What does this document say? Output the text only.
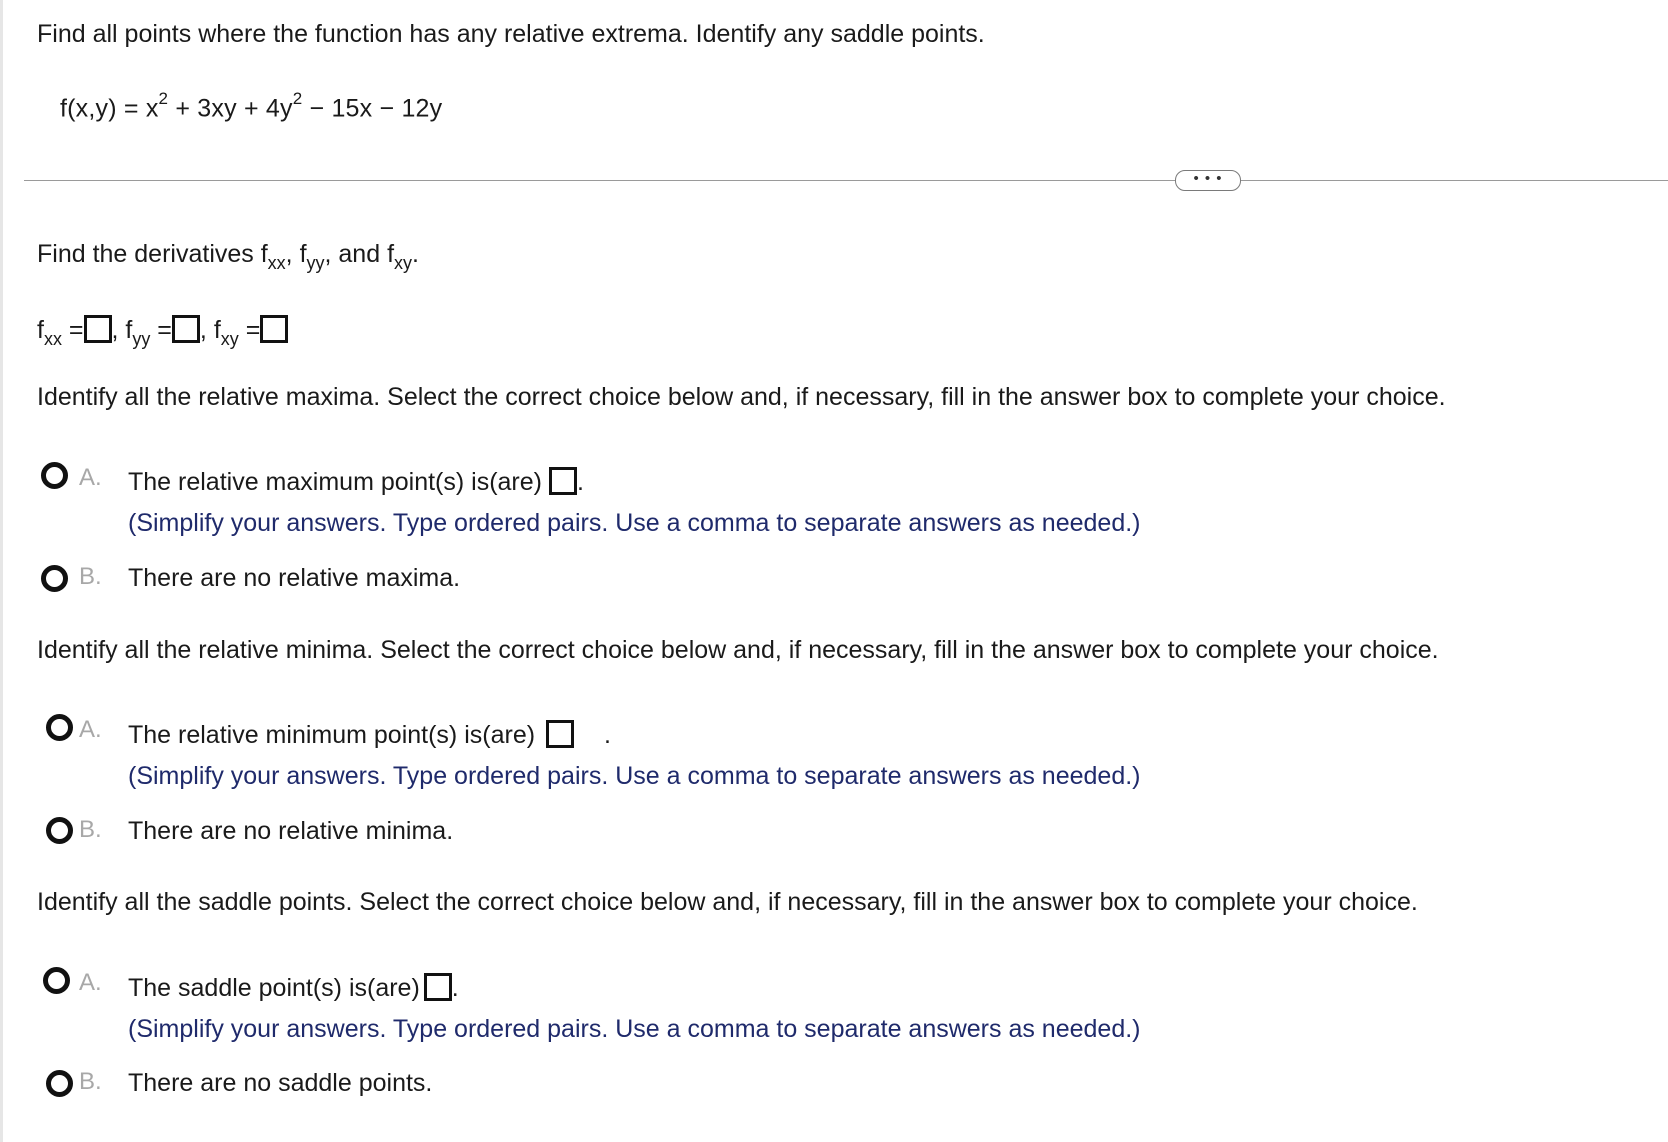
Find all points where the function has any relative extrema. Identify any saddle points.
$f(x,y) = x^2 + 3xy + 4y^2 - 15x - 12y$
• • •
Find the derivatives $f_{xx}$, $f_{yy}$, and $f_{xy}$.
$f_{xx}$ = , $f_{yy}$ = , $f_{xy}$ =
Identify all the relative maxima. Select the correct choice below and, if necessary, fill in the answer box to complete your choice.
A. The relative maximum point(s) is(are) .
(Simplify your answers. Type ordered pairs. Use a comma to separate answers as needed.)
B. There are no relative maxima.
Identify all the relative minima. Select the correct choice below and, if necessary, fill in the answer box to complete your choice.
A. The relative minimum point(s) is(are)	.
(Simplify your answers. Type ordered pairs. Use a comma to separate answers as needed.)
B. There are no relative minima.
Identify all the saddle points. Select the correct choice below and, if necessary, fill in the answer box to complete your choice.
A. The saddle point(s) is(are) .
(Simplify your answers. Type ordered pairs. Use a comma to separate answers as needed.)
B. There are no saddle points.
